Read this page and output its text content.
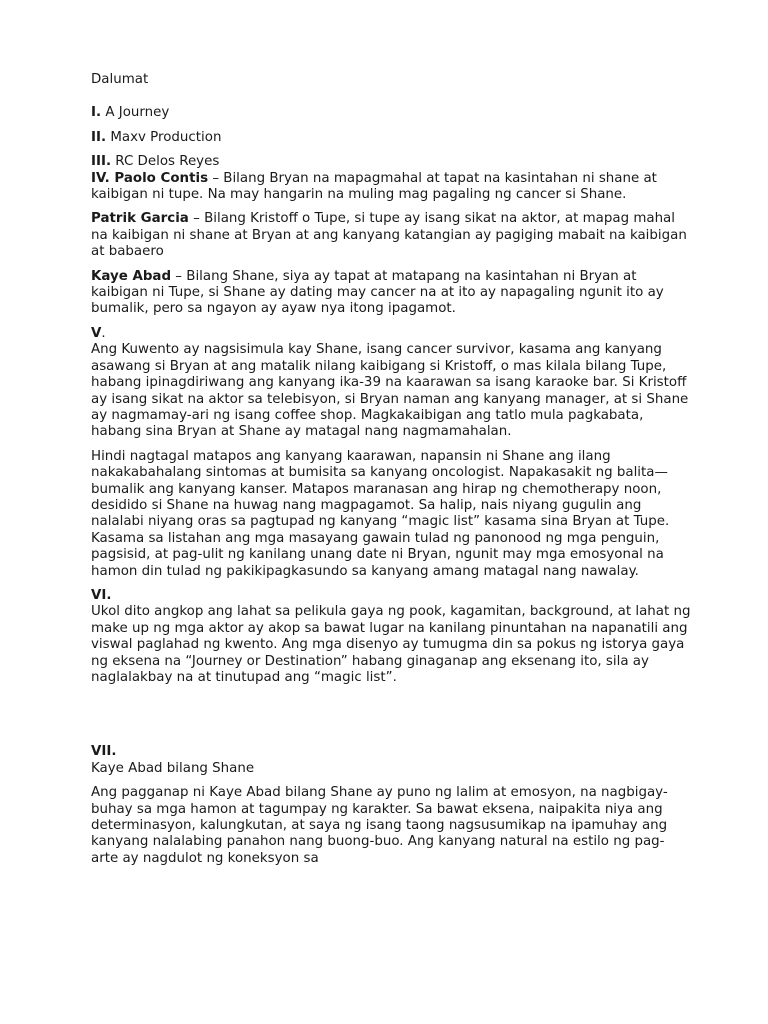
Dalumat

I. A Journey

II. Maxv Production

III. RC Delos Reyes

IV. Paolo Contis – Bilang Bryan na mapagmahal at tapat na kasintahan ni shane at kaibigan ni tupe. Na may hangarin na muling mag pagaling ng cancer si Shane.

Patrik Garcia – Bilang Kristoff o Tupe, si tupe ay isang sikat na aktor, at mapag mahal na kaibigan ni shane at Bryan at ang kanyang katangian ay pagiging mabait na kaibigan at babaero

Kaye Abad – Bilang Shane, siya ay tapat at matapang na kasintahan ni Bryan at kaibigan ni Tupe, si Shane ay dating may cancer na at ito ay napagaling ngunit ito ay bumalik, pero sa ngayon ay ayaw nya itong ipagamot.

V.

Ang Kuwento ay nagsisimula kay Shane, isang cancer survivor, kasama ang kanyang asawang si Bryan at ang matalik nilang kaibigang si Kristoff, o mas kilala bilang Tupe, habang ipinagdiriwang ang kanyang ika-39 na kaarawan sa isang karaoke bar. Si Kristoff ay isang sikat na aktor sa telebisyon, si Bryan naman ang kanyang manager, at si Shane ay nagmamay-ari ng isang coffee shop. Magkakaibigan ang tatlo mula pagkabata, habang sina Bryan at Shane ay matagal nang nagmamahalan.

Hindi nagtagal matapos ang kanyang kaarawan, napansin ni Shane ang ilang nakakabahalang sintomas at bumisita sa kanyang oncologist. Napakasakit ng balita—bumalik ang kanyang kanser. Matapos maranasan ang hirap ng chemotherapy noon, desidido si Shane na huwag nang magpagamot. Sa halip, nais niyang gugulin ang nalalabi niyang oras sa pagtupad ng kanyang “magic list” kasama sina Bryan at Tupe. Kasama sa listahan ang mga masayang gawain tulad ng panonood ng mga penguin, pagsisid, at pag-ulit ng kanilang unang date ni Bryan, ngunit may mga emosyonal na hamon din tulad ng pakikipagkasundo sa kanyang amang matagal nang nawalay.

VI.

Ukol dito angkop ang lahat sa pelikula gaya ng pook, kagamitan, background, at lahat ng make up ng mga aktor ay akop sa bawat lugar na kanilang pinuntahan na napanatili ang viswal paglahad ng kwento. Ang mga disenyo ay tumugma din sa pokus ng istorya gaya ng eksena na “Journey or Destination” habang ginaganap ang eksenang ito, sila ay naglalakbay na at tinutupad ang “magic list”.

VII.

Kaye Abad bilang Shane

Ang pagganap ni Kaye Abad bilang Shane ay puno ng lalim at emosyon, na nagbigay-buhay sa mga hamon at tagumpay ng karakter. Sa bawat eksena, naipakita niya ang determinasyon, kalungkutan, at saya ng isang taong nagsusumikap na ipamuhay ang kanyang nalalabing panahon nang buong-buo. Ang kanyang natural na estilo ng pag-arte ay nagdulot ng koneksyon sa
